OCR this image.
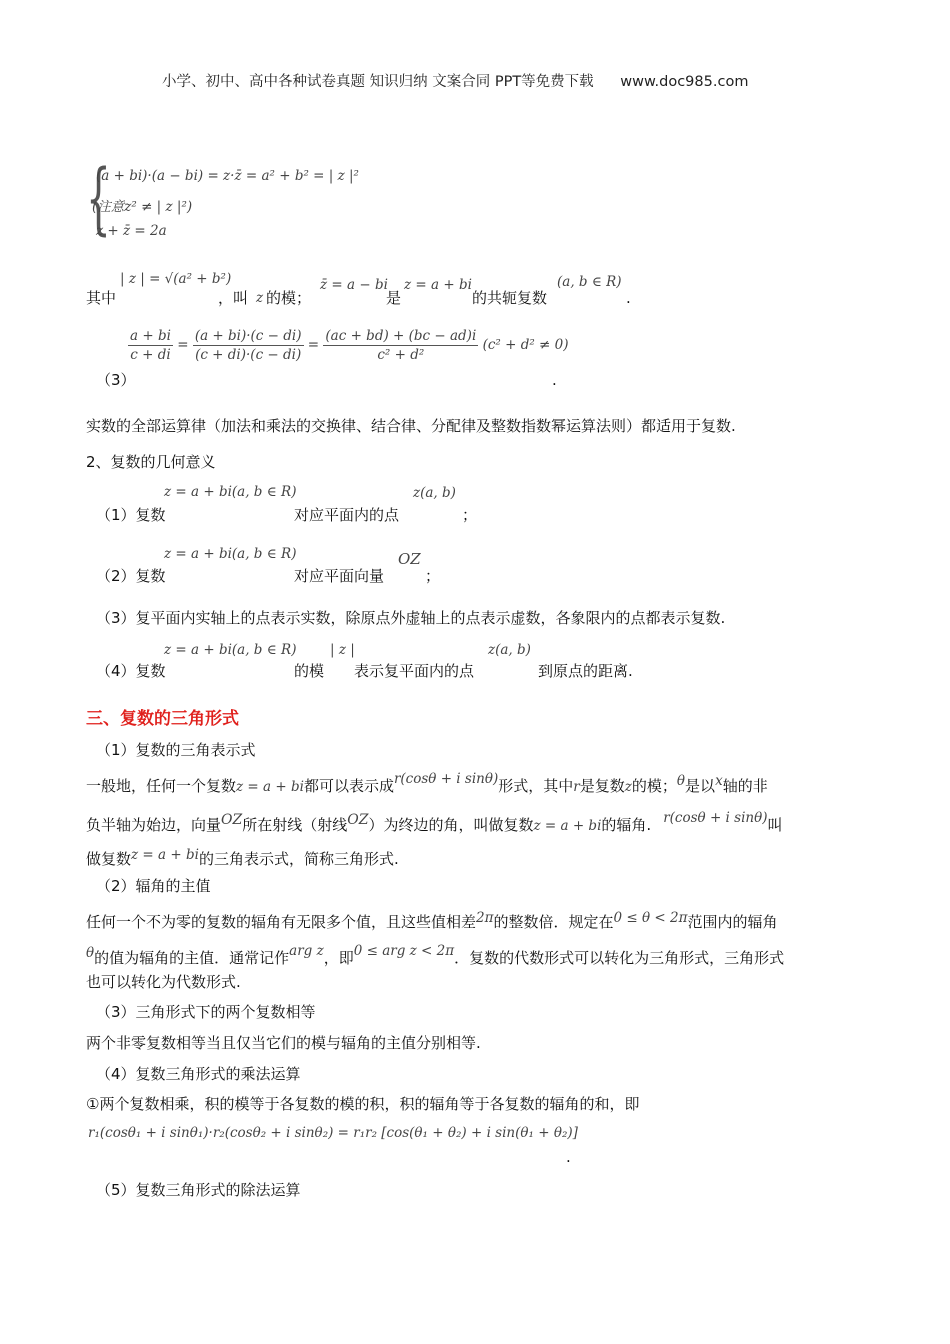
小学、初中、高中各种试卷真题 知识归纳 文案合同 PPT等免费下载 www.doc985.com
{
(a + bi)·(a − bi) = z·z̄ = a² + b² = | z |²
(注意z² ≠ | z |²)
z + z̄ = 2a
其中
| z | = √(a² + b²)
，叫 z 的模；
z̄ = a − bi
是
z = a + bi
的共轭复数
(a, b ∈ R)
.
（3）
$\frac{a + bi}{c + di} = \frac{(a + bi)\cdot(c - di)}{(c + di)\cdot(c - di)} = \frac{(ac + bd) + (bc - ad)i}{\text{c² + d²}} (c^2 + d^2 \ne 0)$
.
实数的全部运算律（加法和乘法的交换律、结合律、分配律及整数指数幂运算法则）都适用于复数.
2、复数的几何意义
（1）复数
z = a + bi(a, b ∈ R)
对应平面内的点
z(a, b)
；
（2）复数
z = a + bi(a, b ∈ R)
对应平面向量
OZ
；
（3）复平面内实轴上的点表示实数，除原点外虚轴上的点表示虚数，各象限内的点都表示复数.
（4）复数
z = a + bi(a, b ∈ R)
的模
| z |
表示复平面内的点
z(a, b)
到原点的距离.
三、复数的三角形式
（1）复数的三角表示式
一般地，任何一个复数z = a + bi都可以表示成r(cosθ + i sinθ)形式，其中r是复数z的模；θ是以x轴的非
负半轴为始边，向量OZ所在射线（射线OZ）为终边的角，叫做复数z = a + bi的辐角. r(cosθ + i sinθ)叫
做复数z = a + bi的三角表示式，简称三角形式.
（2）辐角的主值
任何一个不为零的复数的辐角有无限多个值，且这些值相差2π的整数倍．规定在0 ≤ θ < 2π范围内的辐角
θ的值为辐角的主值．通常记作arg z，即0 ≤ arg z < 2π．复数的代数形式可以转化为三角形式，三角形式
也可以转化为代数形式.
（3）三角形式下的两个复数相等
两个非零复数相等当且仅当它们的模与辐角的主值分别相等.
（4）复数三角形式的乘法运算
①两个复数相乘，积的模等于各复数的模的积，积的辐角等于各复数的辐角的和，即
r₁(cosθ₁ + i sinθ₁)·r₂(cosθ₂ + i sinθ₂) = r₁r₂ [cos(θ₁ + θ₂) + i sin(θ₁ + θ₂)]
.
（5）复数三角形式的除法运算
